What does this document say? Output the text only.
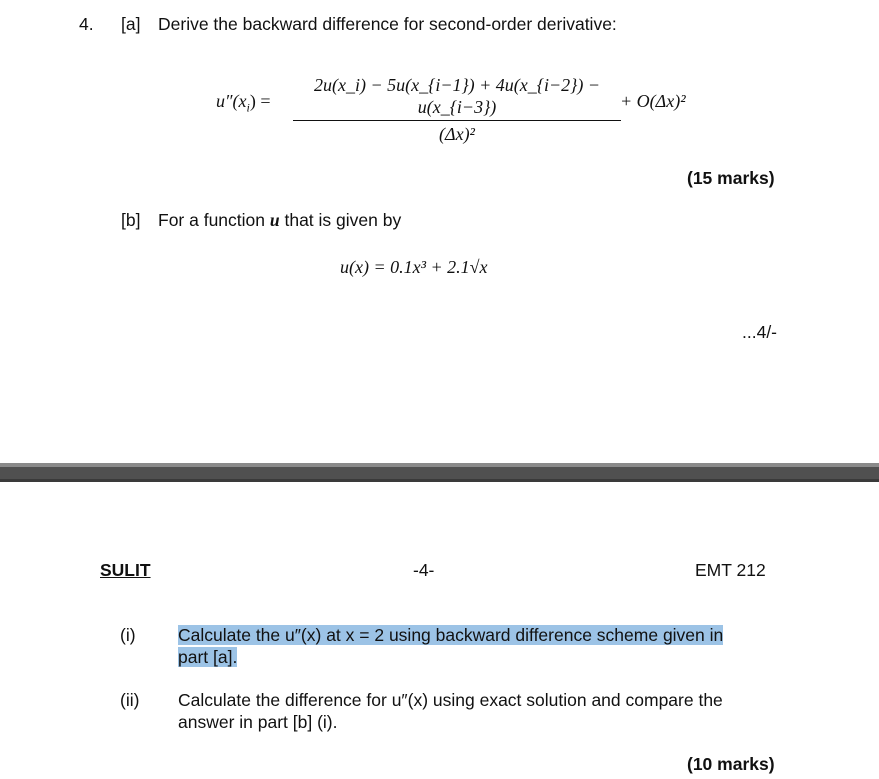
4. [a] Derive the backward difference for second-order derivative:
$u''(x_i)$ =
2u(x_i) − 5u(x_{i−1}) + 4u(x_{i−2}) − u(x_{i−3})
(Δx)²
+ O(Δx)²
(15 marks)
[b] For a function u that is given by
u(x) = 0.1x³ + 2.1√x
...4/-
SULIT	-4-	EMT 212
(i) Calculate the u″(x) at x = 2 using backward difference scheme given in
part [a].
(ii) Calculate the difference for u″(x) using exact solution and compare the
answer in part [b] (i).
(10 marks)
